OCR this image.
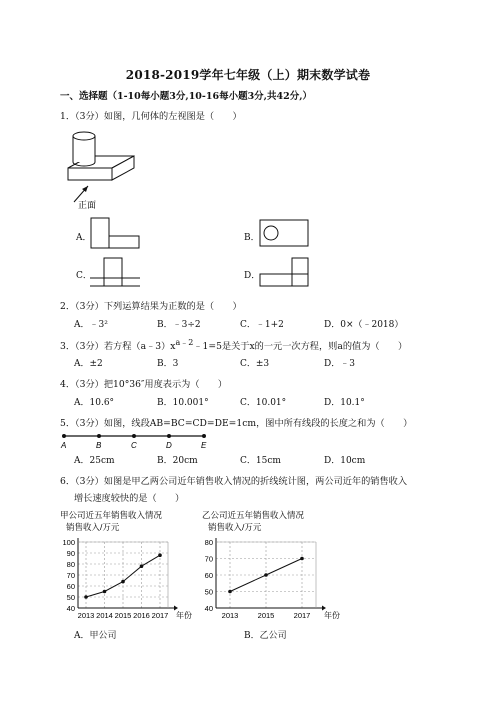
2018-2019学年七年级（上）期末数学试卷
一、选择题（1-10每小题3分,10-16每小题3分,共42分,）
1．（3分）如图，几何体的左视图是（　　）
正面
A．	B．
C．	D．
2．（3分）下列运算结果为正数的是（　　）
A．﹣3²	B．﹣3÷2	C．﹣1+2	D．0×（﹣2018）
3．（3分）若方程$(a﹣3)x^{a﹣2}﹣1=5$是关于x的一元一次方程，则a的值为（　　）
A．±2	B．3	C．±3	D．﹣3
4．（3分）把10°36″用度表示为（　　）
A．10.6°	B．10.001°	C．10.01°	D．10.1°
5．（3分）如图，线段AB=BC=CD=DE=1cm，图中所有线段的长度之和为（　　）
A	B	C	D	E
A．25cm	B．20cm	C．15cm	D．10cm
6．（3分）如图是甲乙两公司近年销售收入情况的折线统计图，两公司近年的销售收入
增长速度较快的是（　　）
甲公司近五年销售收入情况
销售收入/万元
40
50
60
70
80
90
100
年份
2013 2014 2015 2016 2017
乙公司近五年销售收入情况
销售收入/万元
40
50
60
70
80
年份
2013	2015	2017
A．甲公司	B．乙公司
